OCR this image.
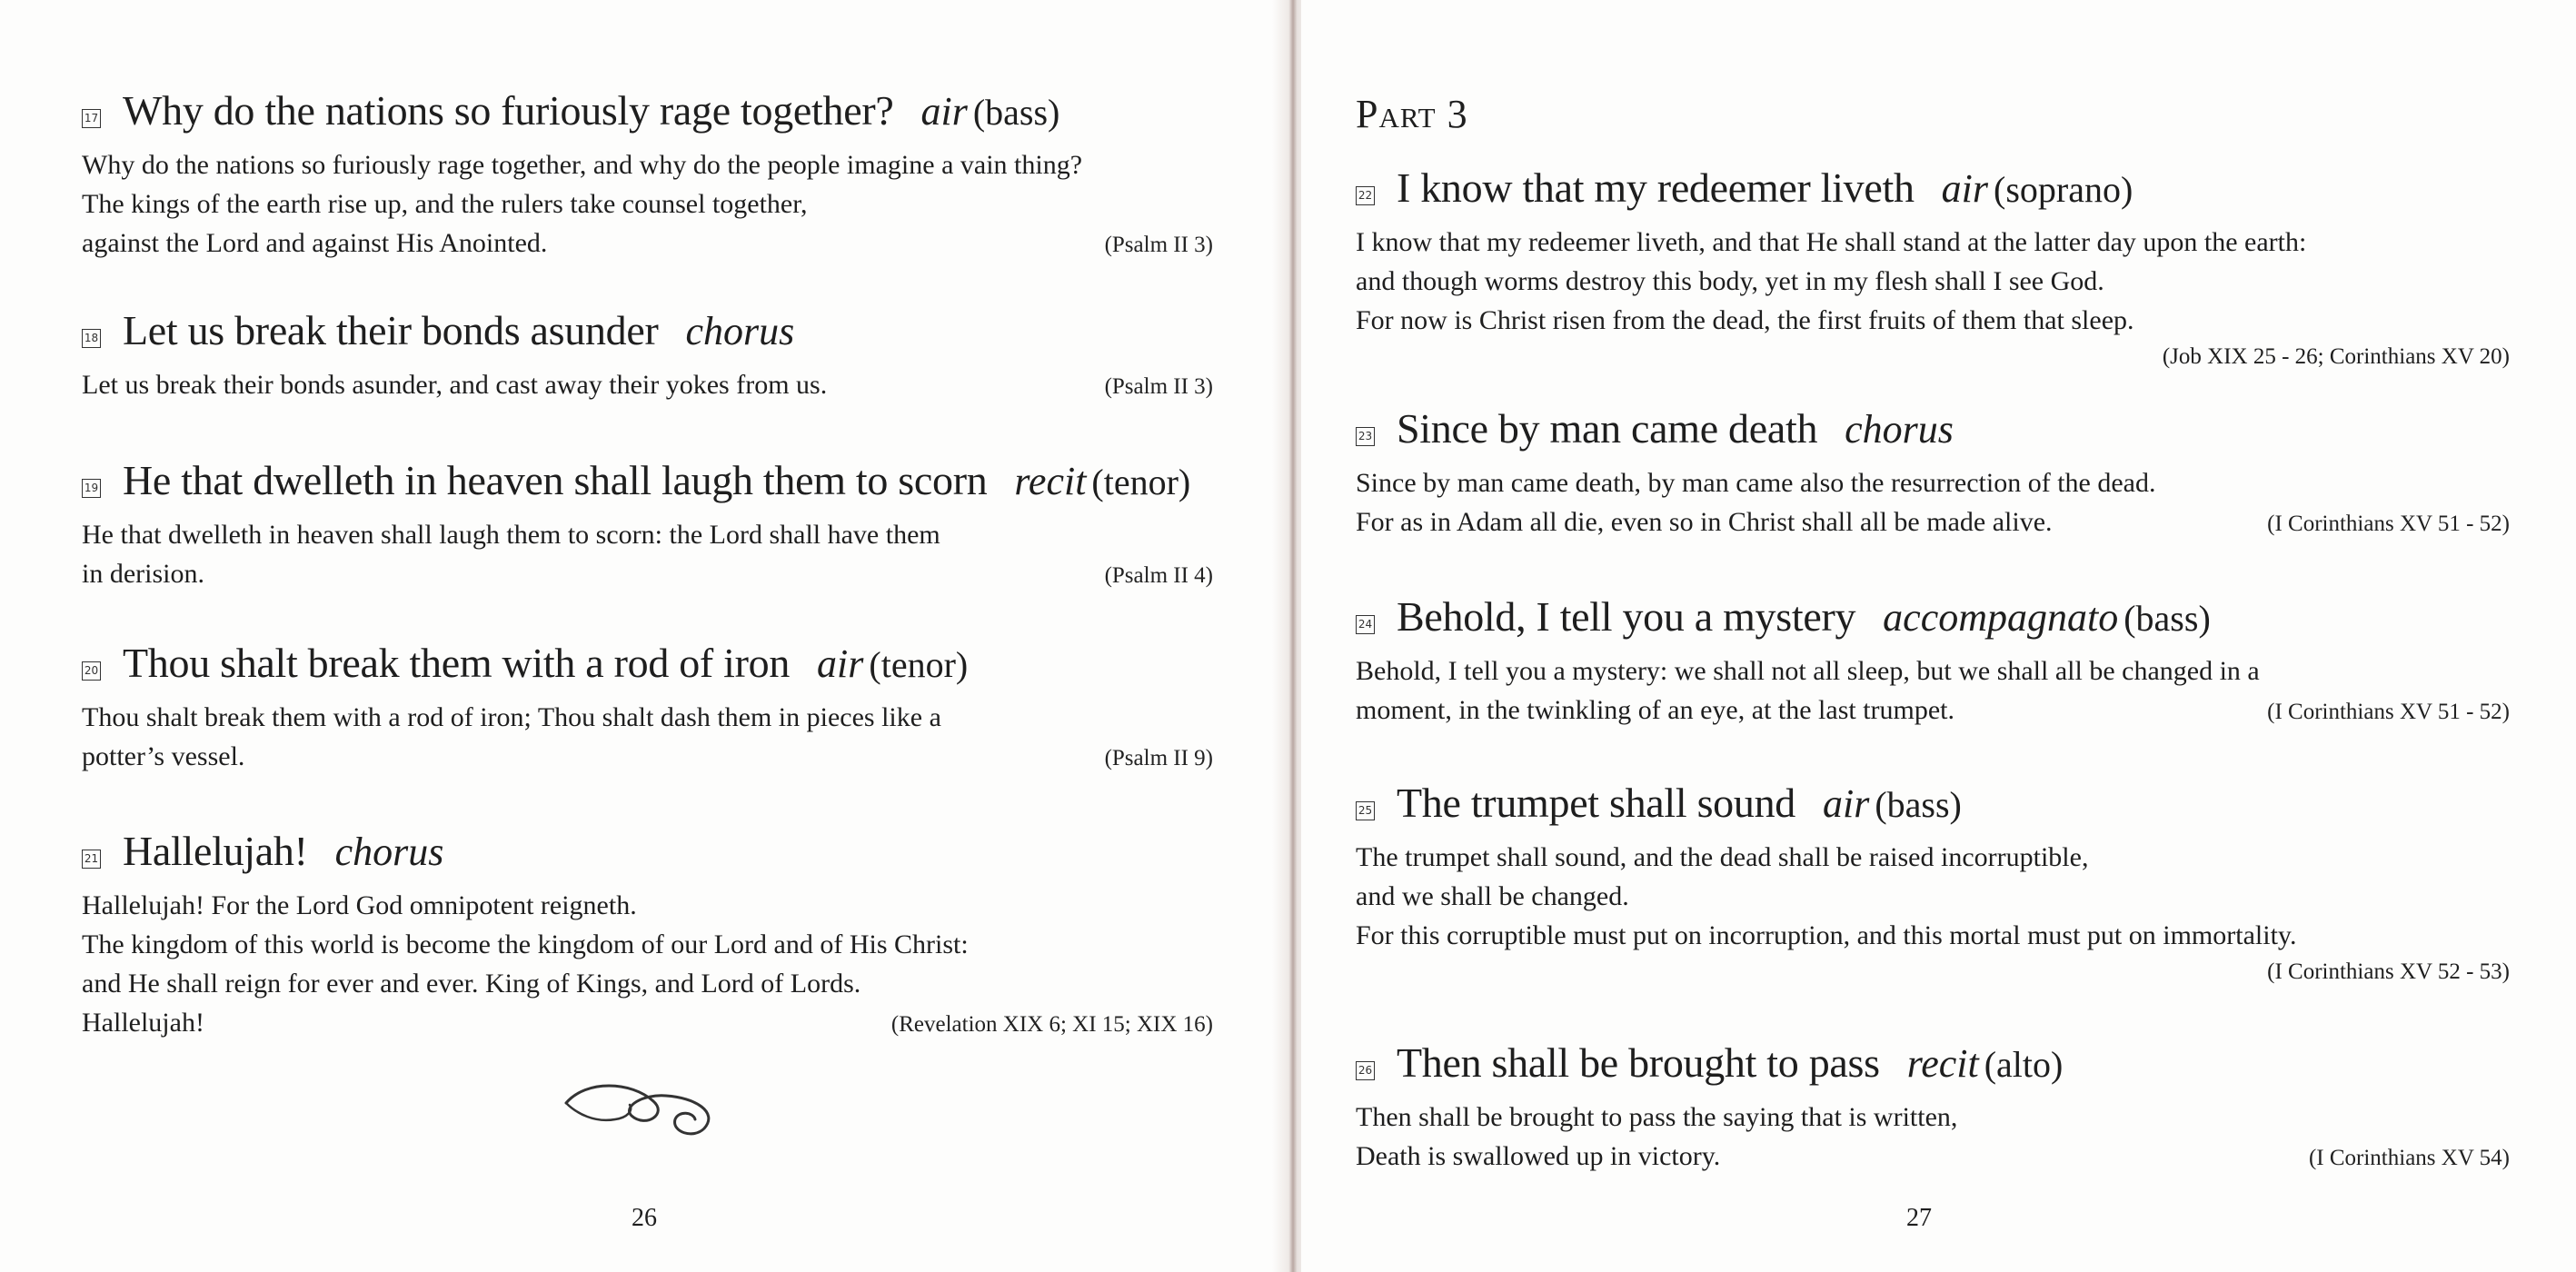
17 Why do the nations so furiously rage together? air (bass)
Why do the nations so furiously rage together, and why do the people imagine a vain thing?
The kings of the earth rise up, and the rulers take counsel together,
against the Lord and against His Anointed.	(Psalm II 3)
18 Let us break their bonds asunder chorus
Let us break their bonds asunder, and cast away their yokes from us.	(Psalm II 3)
19 He that dwelleth in heaven shall laugh them to scorn recit (tenor)
He that dwelleth in heaven shall laugh them to scorn: the Lord shall have them
in derision.	(Psalm II 4)
20 Thou shalt break them with a rod of iron air (tenor)
Thou shalt break them with a rod of iron; Thou shalt dash them in pieces like a
potter’s vessel.	(Psalm II 9)
21 Hallelujah! chorus
Hallelujah! For the Lord God omnipotent reigneth.
The kingdom of this world is become the kingdom of our Lord and of His Christ:
and He shall reign for ever and ever. King of Kings, and Lord of Lords.
Hallelujah!	(Revelation XIX 6; XI 15; XIX 16)
26
Part 3
22 I know that my redeemer liveth air (soprano)
I know that my redeemer liveth, and that He shall stand at the latter day upon the earth:
and though worms destroy this body, yet in my flesh shall I see God.
For now is Christ risen from the dead, the first fruits of them that sleep.
(Job XIX 25 - 26; Corinthians XV 20)
23 Since by man came death chorus
Since by man came death, by man came also the resurrection of the dead.
For as in Adam all die, even so in Christ shall all be made alive.	(I Corinthians XV 51 - 52)
24 Behold, I tell you a mystery accompagnato (bass)
Behold, I tell you a mystery: we shall not all sleep, but we shall all be changed in a
moment, in the twinkling of an eye, at the last trumpet.	(I Corinthians XV 51 - 52)
25 The trumpet shall sound air (bass)
The trumpet shall sound, and the dead shall be raised incorruptible,
and we shall be changed.
For this corruptible must put on incorruption, and this mortal must put on immortality.
(I Corinthians XV 52 - 53)
26 Then shall be brought to pass recit (alto)
Then shall be brought to pass the saying that is written,
Death is swallowed up in victory.	(I Corinthians XV 54)
27
